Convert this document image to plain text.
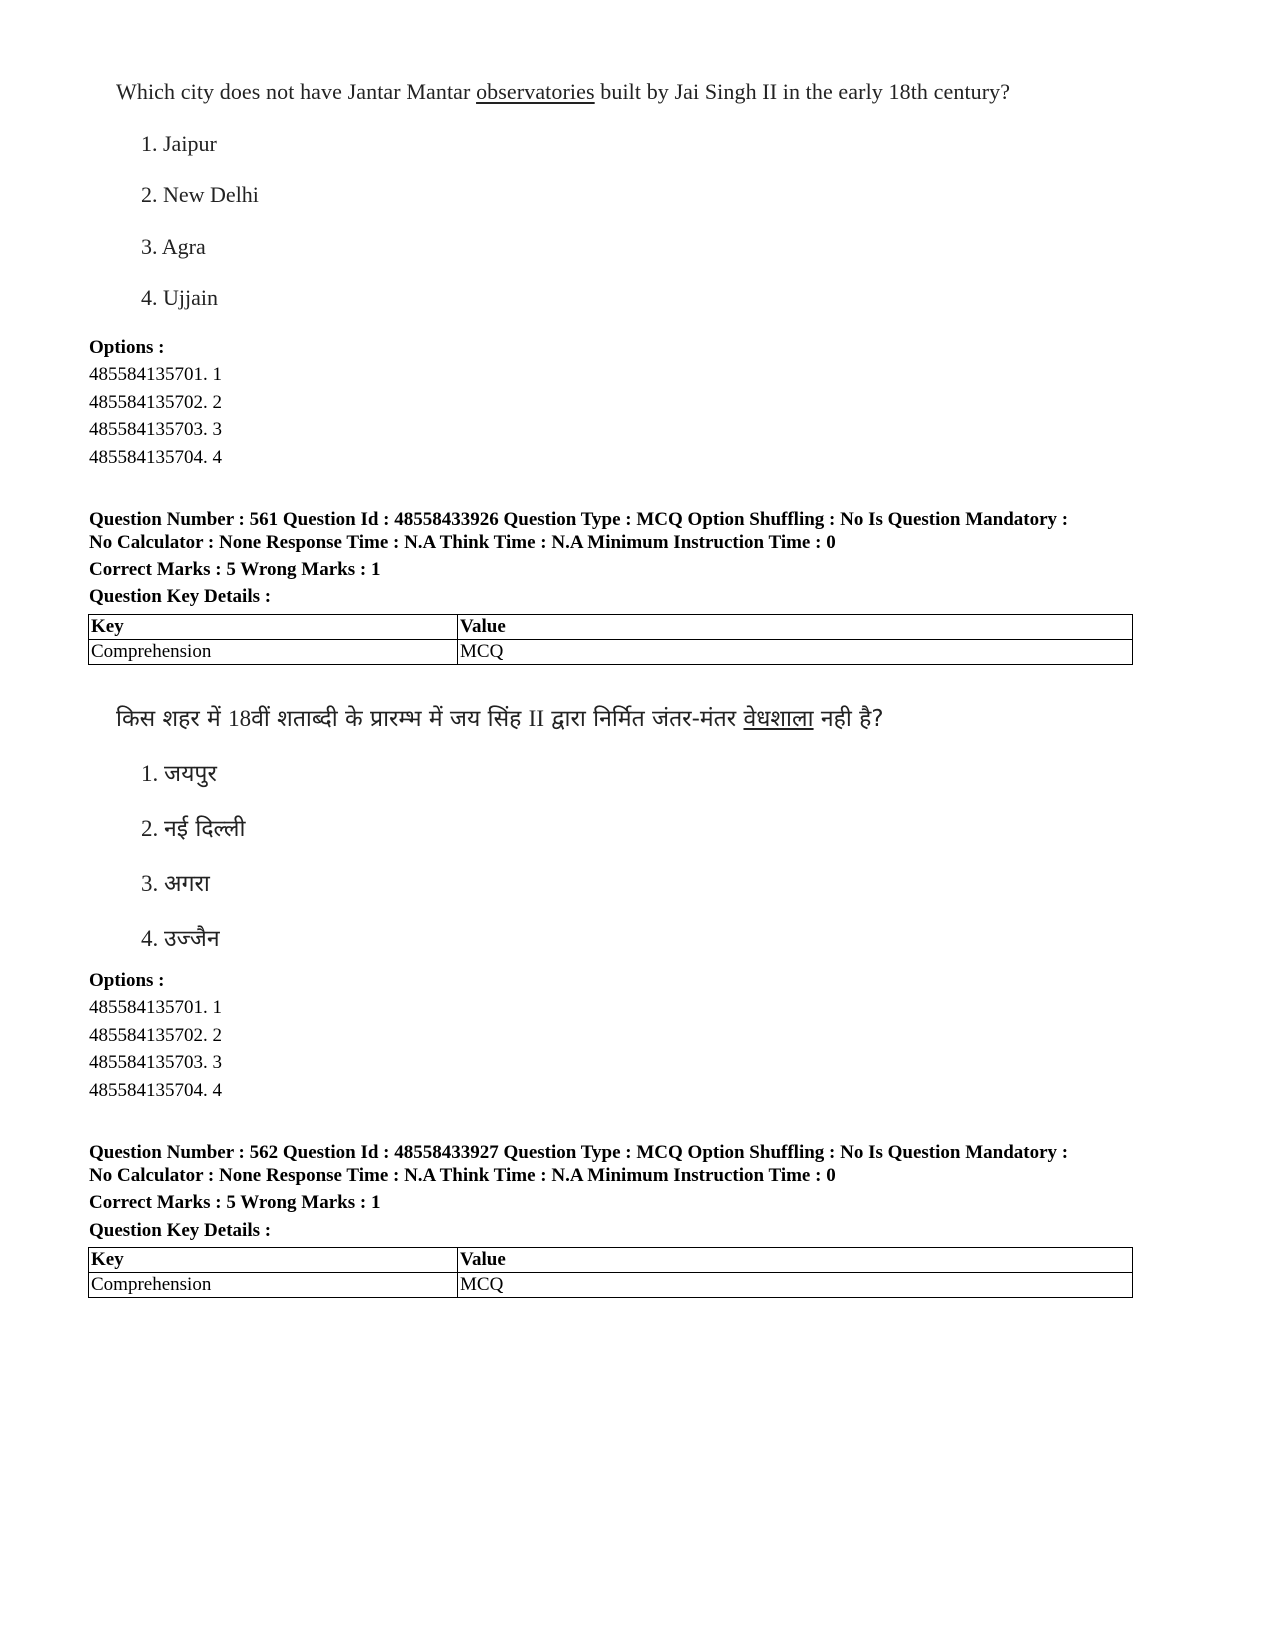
Which city does not have Jantar Mantar observatories built by Jai Singh II in the early 18th century?
1. Jaipur
2. New Delhi
3. Agra
4. Ujjain
Options :
485584135701. 1
485584135702. 2
485584135703. 3
485584135704. 4
Question Number : 561 Question Id : 48558433926 Question Type : MCQ Option Shuffling : No Is Question Mandatory :
No Calculator : None Response Time : N.A Think Time : N.A Minimum Instruction Time : 0
Correct Marks : 5 Wrong Marks : 1
Question Key Details :
Key	Value
Comprehension	MCQ
किस शहर में 18वीं शताब्दी के प्रारम्भ में जय सिंह II द्वारा निर्मित जंतर-मंतर वेधशाला नही है?
1. जयपुर
2. नई दिल्ली
3. अगरा
4. उज्जैन
Options :
485584135701. 1
485584135702. 2
485584135703. 3
485584135704. 4
Question Number : 562 Question Id : 48558433927 Question Type : MCQ Option Shuffling : No Is Question Mandatory :
No Calculator : None Response Time : N.A Think Time : N.A Minimum Instruction Time : 0
Correct Marks : 5 Wrong Marks : 1
Question Key Details :
Key	Value
Comprehension	MCQ
